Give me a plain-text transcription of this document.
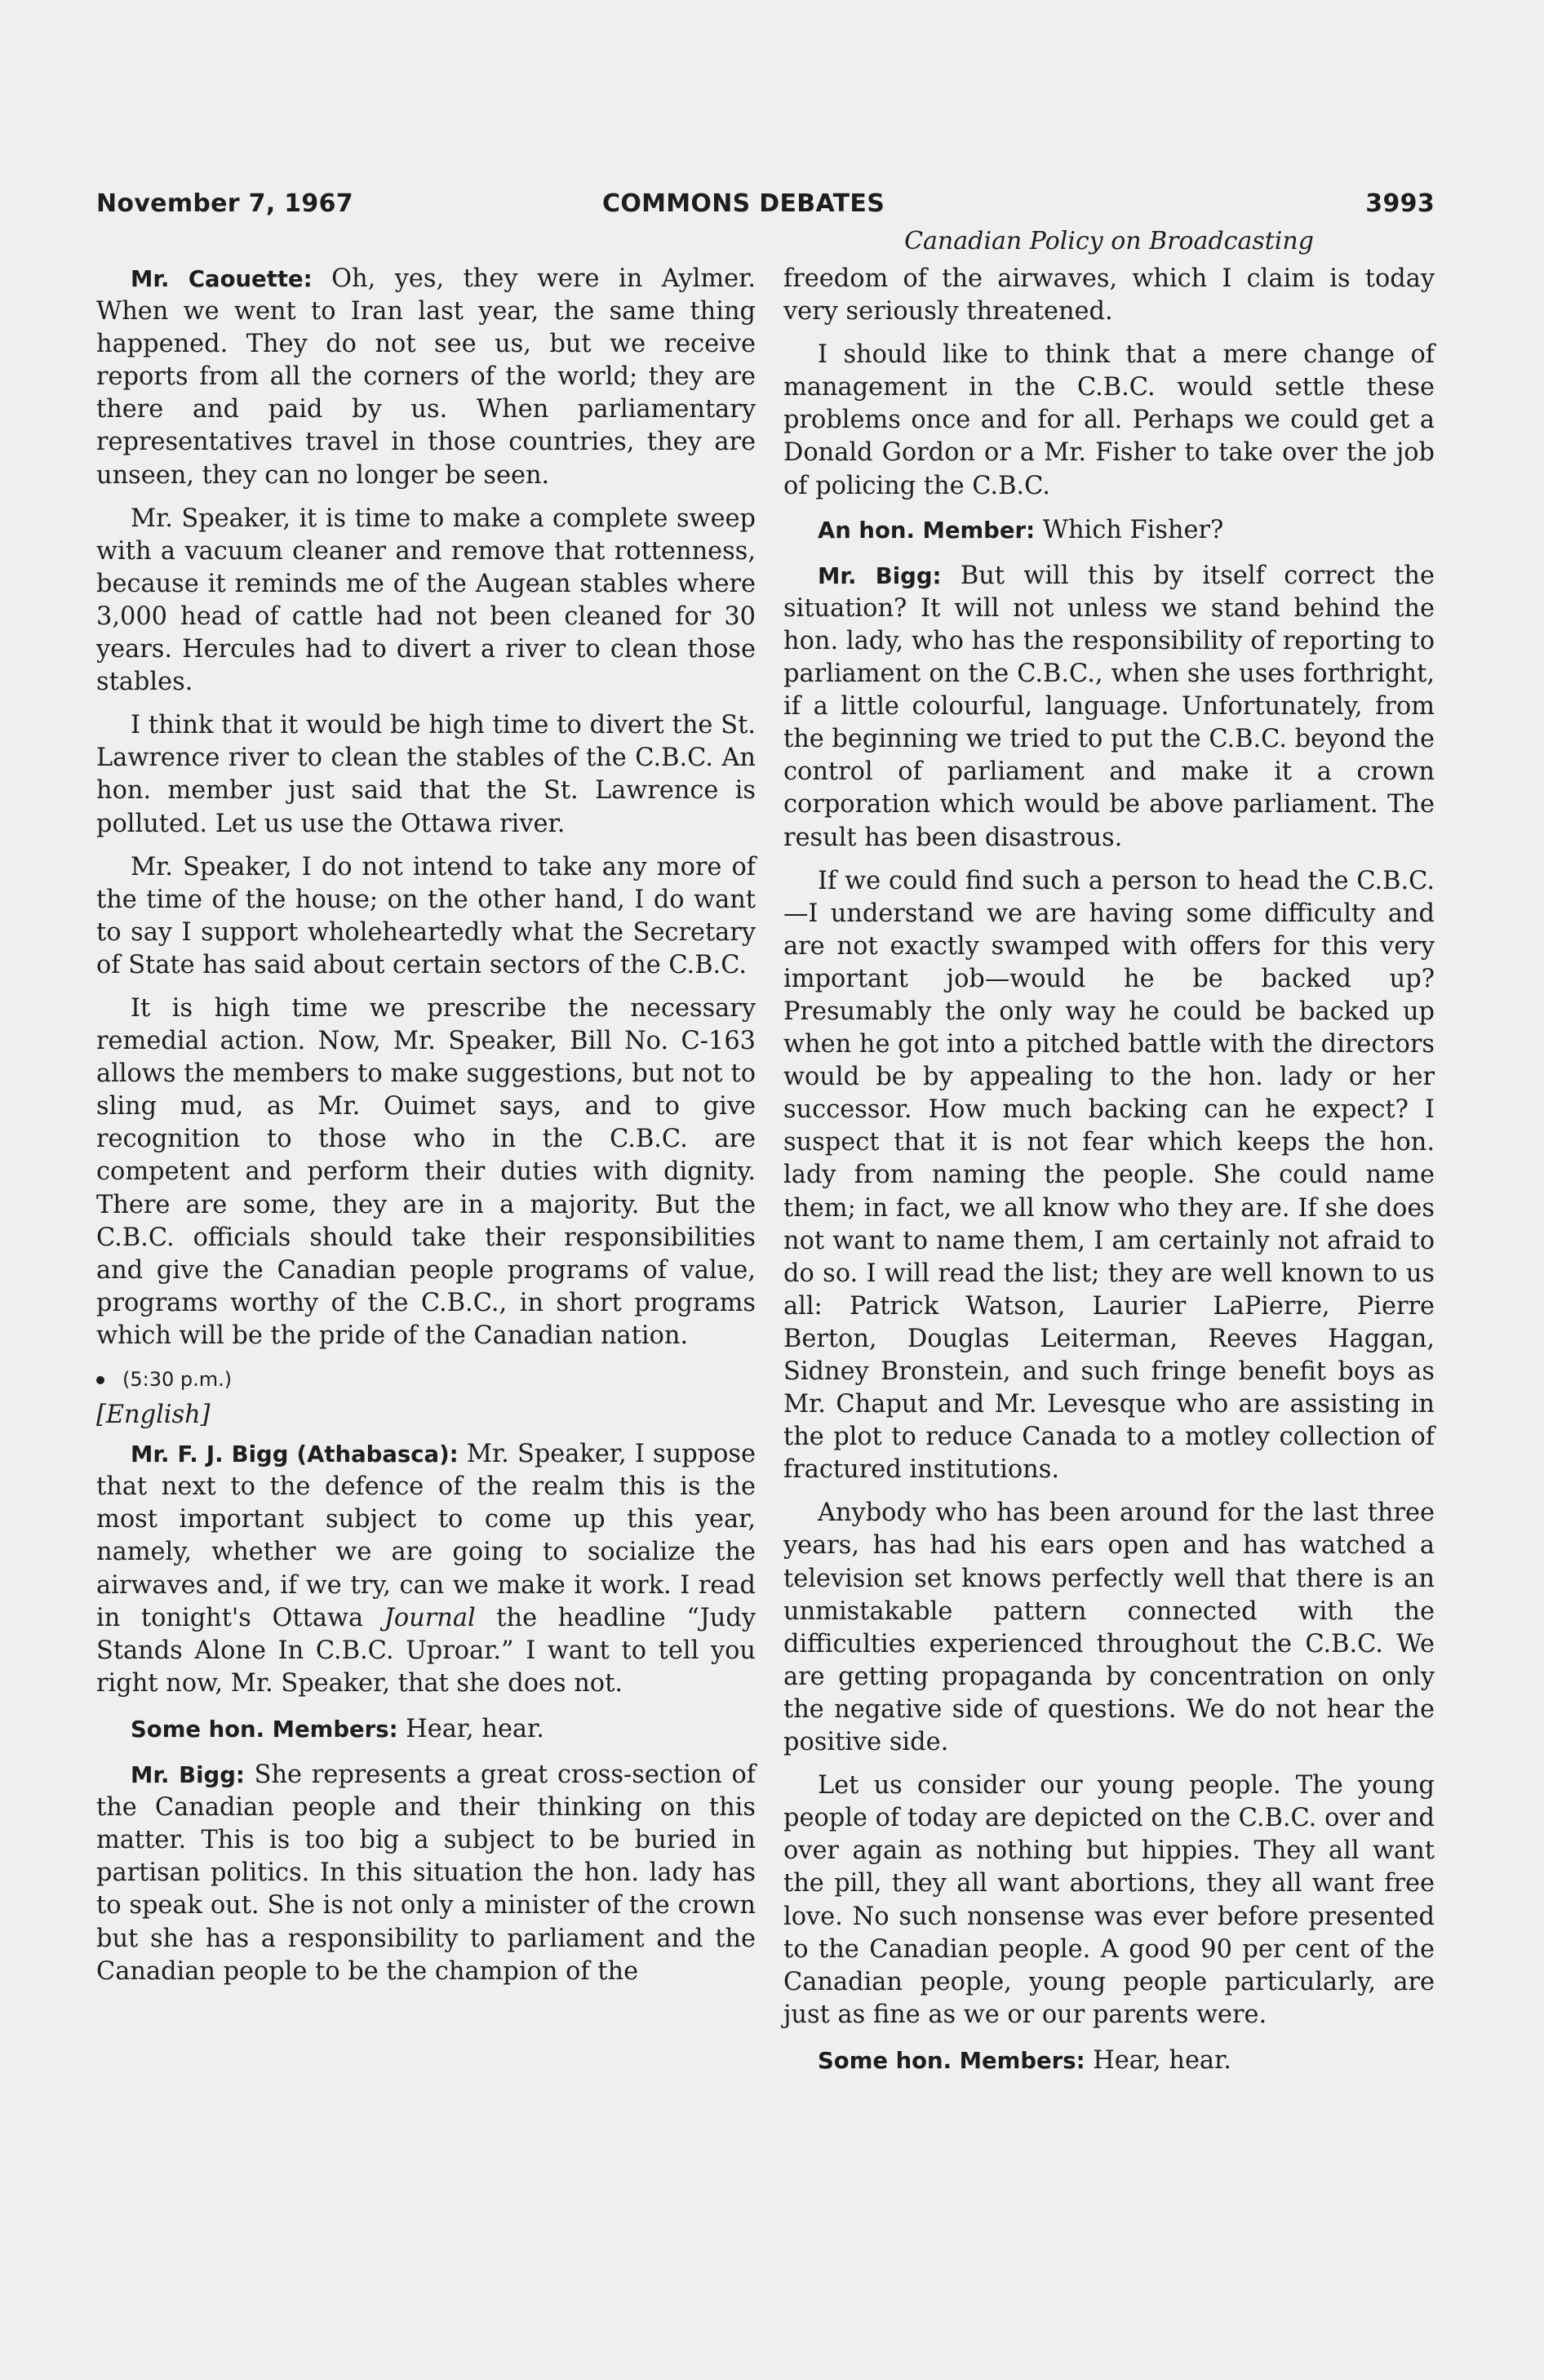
November 7, 1967	COMMONS DEBATES	3993
Canadian Policy on Broadcasting

Mr. Caouette: Oh, yes, they were in Aylmer. When we went to Iran last year, the same thing happened. They do not see us, but we receive reports from all the corners of the world; they are there and paid by us. When parliamentary representatives travel in those countries, they are unseen, they can no longer be seen.

Mr. Speaker, it is time to make a complete sweep with a vacuum cleaner and remove that rottenness, because it reminds me of the Augean stables where 3,000 head of cattle had not been cleaned for 30 years. Hercules had to divert a river to clean those stables.

I think that it would be high time to divert the St. Lawrence river to clean the stables of the C.B.C. An hon. member just said that the St. Lawrence is polluted. Let us use the Ottawa river.

Mr. Speaker, I do not intend to take any more of the time of the house; on the other hand, I do want to say I support wholeheartedly what the Secretary of State has said about certain sectors of the C.B.C.

It is high time we prescribe the necessary remedial action. Now, Mr. Speaker, Bill No. C-163 allows the members to make suggestions, but not to sling mud, as Mr. Ouimet says, and to give recognition to those who in the C.B.C. are competent and perform their duties with dignity. There are some, they are in a majority. But the C.B.C. officials should take their responsibilities and give the Canadian people programs of value, programs worthy of the C.B.C., in short programs which will be the pride of the Canadian nation.

(5:30 p.m.)
[English]

Mr. F. J. Bigg (Athabasca): Mr. Speaker, I suppose that next to the defence of the realm this is the most important subject to come up this year, namely, whether we are going to socialize the airwaves and, if we try, can we make it work. I read in tonight's Ottawa Journal the headline “Judy Stands Alone In C.B.C. Uproar.” I want to tell you right now, Mr. Speaker, that she does not.

Some hon. Members: Hear, hear.

Mr. Bigg: She represents a great cross-section of the Canadian people and their thinking on this matter. This is too big a subject to be buried in partisan politics. In this situation the hon. lady has to speak out. She is not only a minister of the crown but she has a responsibility to parliament and the Canadian people to be the champion of the

freedom of the airwaves, which I claim is today very seriously threatened.

I should like to think that a mere change of management in the C.B.C. would settle these problems once and for all. Perhaps we could get a Donald Gordon or a Mr. Fisher to take over the job of policing the C.B.C.

An hon. Member: Which Fisher?

Mr. Bigg: But will this by itself correct the situation? It will not unless we stand behind the hon. lady, who has the responsibility of reporting to parliament on the C.B.C., when she uses forthright, if a little colourful, language. Unfortunately, from the beginning we tried to put the C.B.C. beyond the control of parliament and make it a crown corporation which would be above parliament. The result has been disastrous.

If we could find such a person to head the C.B.C.—I understand we are having some difficulty and are not exactly swamped with offers for this very important job—would he be backed up? Presumably the only way he could be backed up when he got into a pitched battle with the directors would be by appealing to the hon. lady or her successor. How much backing can he expect? I suspect that it is not fear which keeps the hon. lady from naming the people. She could name them; in fact, we all know who they are. If she does not want to name them, I am certainly not afraid to do so. I will read the list; they are well known to us all: Patrick Watson, Laurier LaPierre, Pierre Berton, Douglas Leiterman, Reeves Haggan, Sidney Bronstein, and such fringe benefit boys as Mr. Chaput and Mr. Levesque who are assisting in the plot to reduce Canada to a motley collection of fractured institutions.

Anybody who has been around for the last three years, has had his ears open and has watched a television set knows perfectly well that there is an unmistakable pattern connected with the difficulties experienced throughout the C.B.C. We are getting propaganda by concentration on only the negative side of questions. We do not hear the positive side.

Let us consider our young people. The young people of today are depicted on the C.B.C. over and over again as nothing but hippies. They all want the pill, they all want abortions, they all want free love. No such nonsense was ever before presented to the Canadian people. A good 90 per cent of the Canadian people, young people particularly, are just as fine as we or our parents were.

Some hon. Members: Hear, hear.
